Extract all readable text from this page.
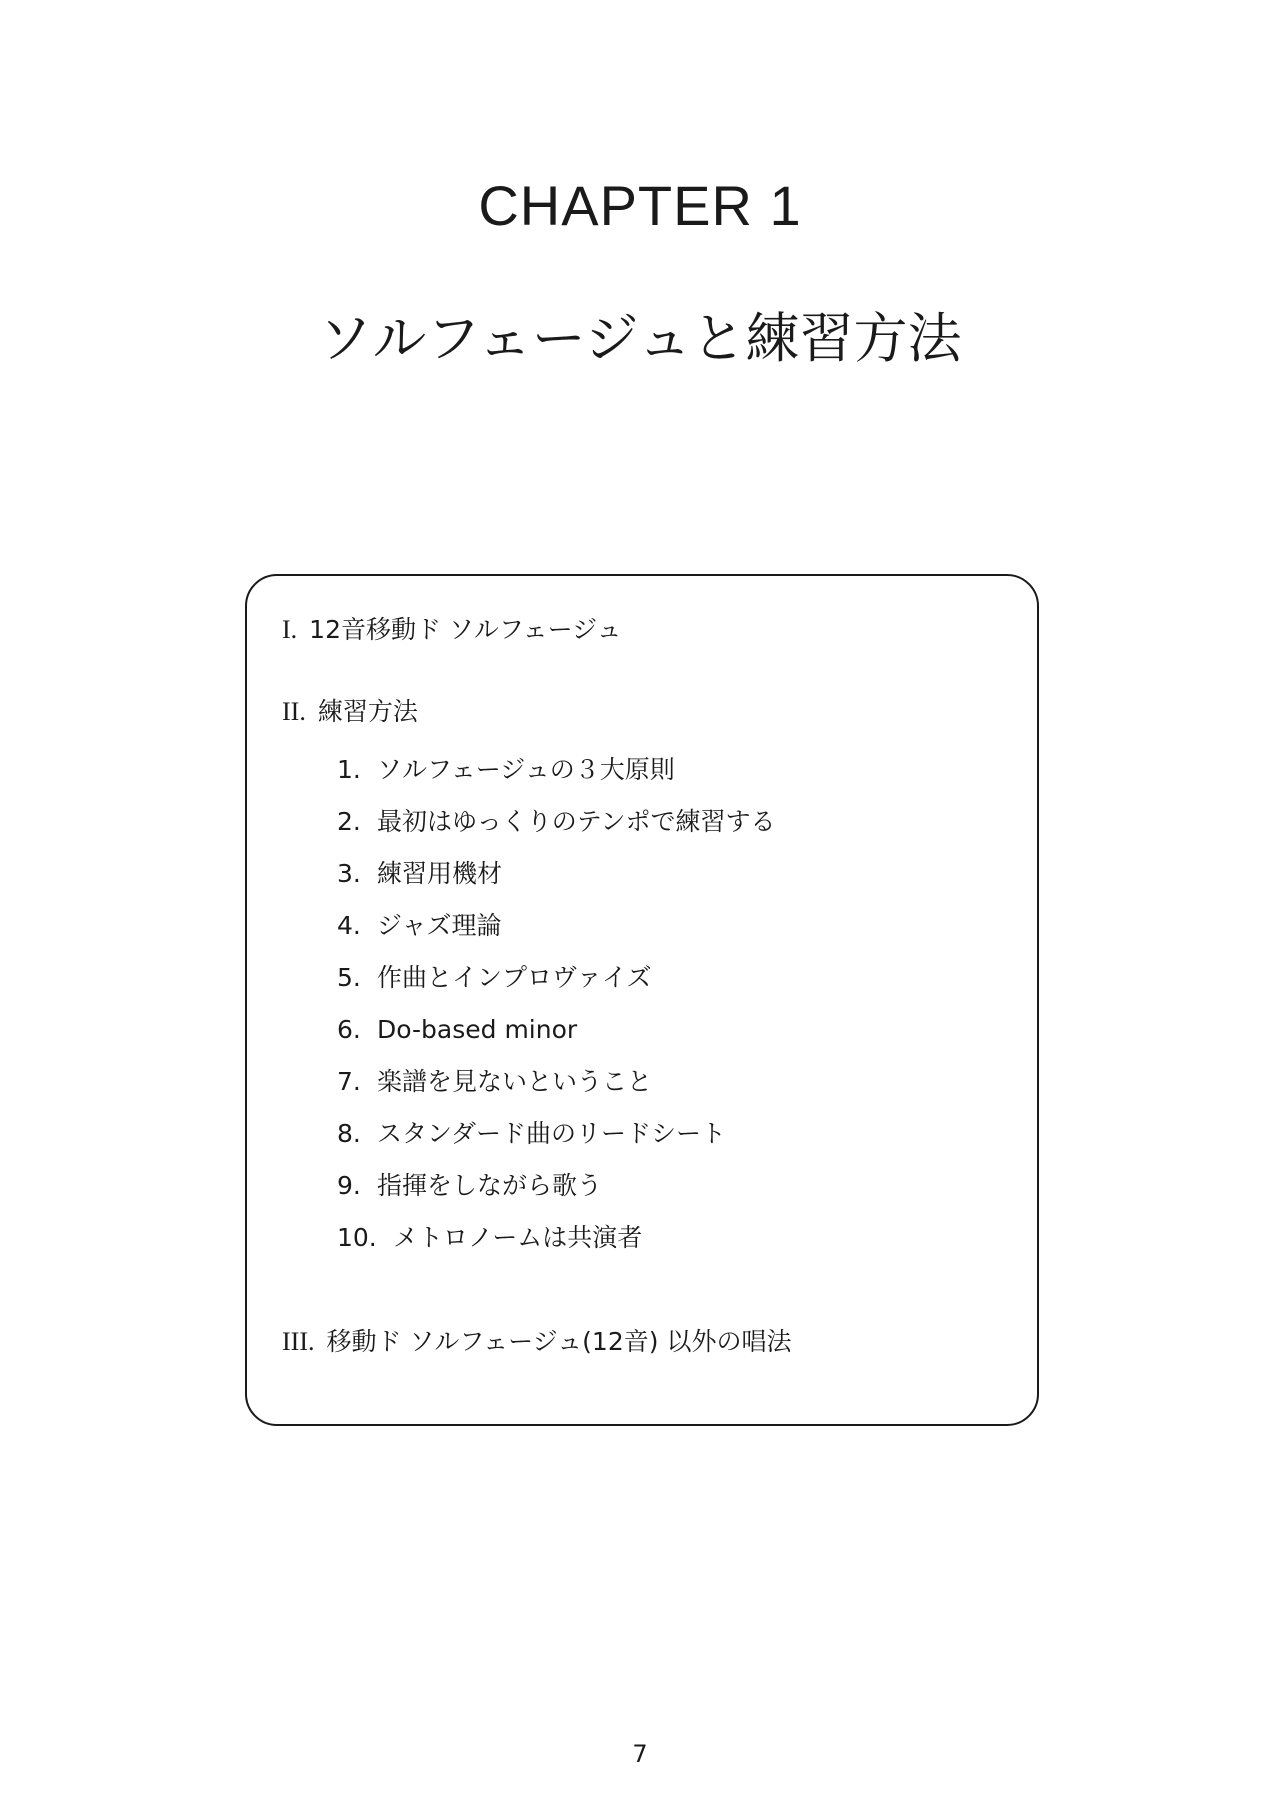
CHAPTER 1
ソルフェージュと練習方法
I. 12音移動ド ソルフェージュ
II. 練習方法
1. ソルフェージュの３大原則
2. 最初はゆっくりのテンポで練習する
3. 練習用機材
4. ジャズ理論
5. 作曲とインプロヴァイズ
6. Do-based minor
7. 楽譜を見ないということ
8. スタンダード曲のリードシート
9. 指揮をしながら歌う
10. メトロノームは共演者
III. 移動ド ソルフェージュ(12音) 以外の唱法
7
